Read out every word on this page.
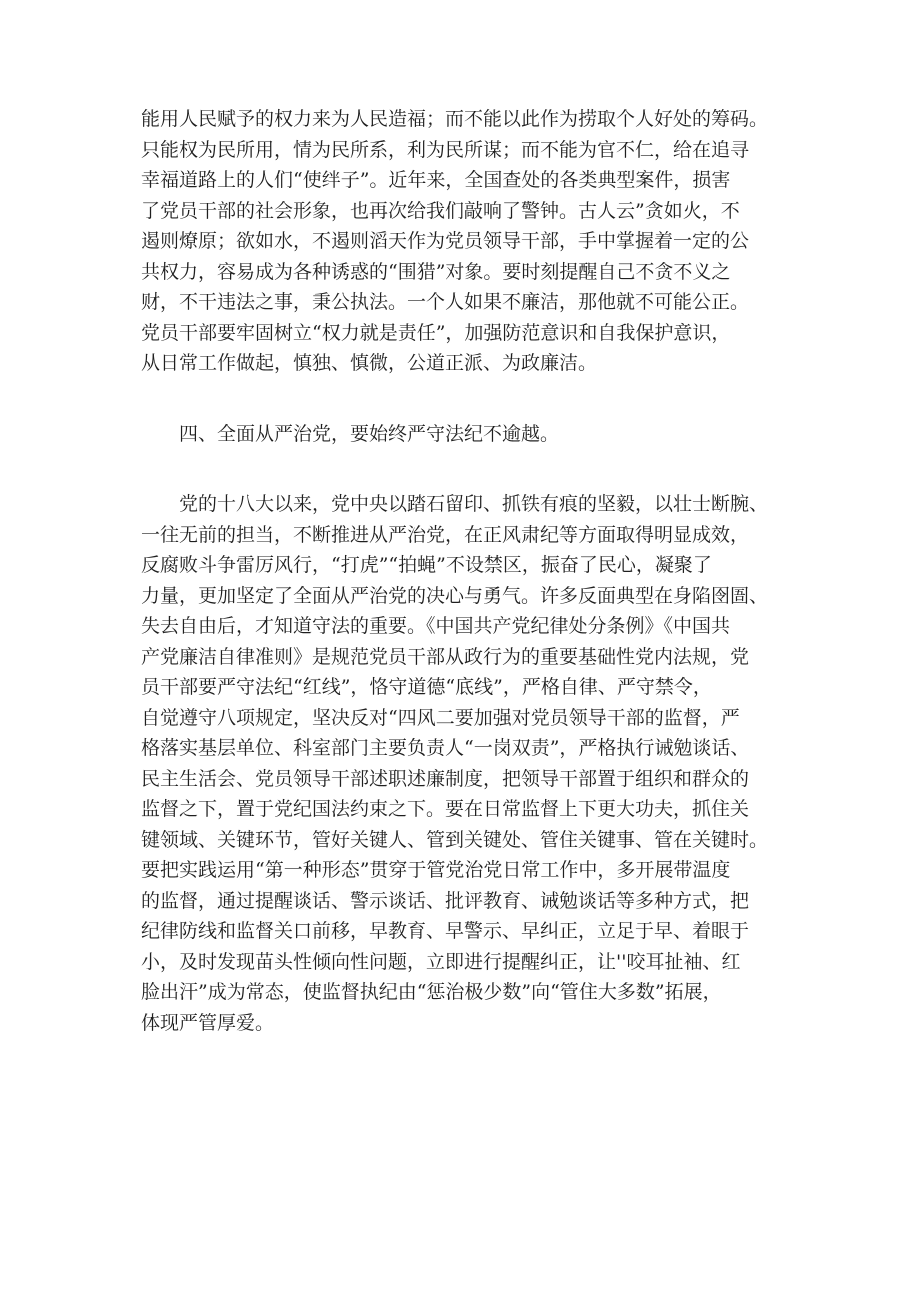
能用人民赋予的权力来为人民造福；而不能以此作为捞取个人好处的筹码。
只能权为民所用，情为民所系，利为民所谋；而不能为官不仁，给在追寻
幸福道路上的人们“使绊子”。近年来，全国查处的各类典型案件，损害
了党员干部的社会形象，也再次给我们敲响了警钟。古人云”贪如火，不
遏则燎原；欲如水，不遏则滔天作为党员领导干部，手中掌握着一定的公
共权力，容易成为各种诱惑的“围猎”对象。要时刻提醒自己不贪不义之
财，不干违法之事，秉公执法。一个人如果不廉洁，那他就不可能公正。
党员干部要牢固树立“权力就是责任”，加强防范意识和自我保护意识，
从日常工作做起，慎独、慎微，公道正派、为政廉洁。
四、全面从严治党，要始终严守法纪不逾越。
党的十八大以来，党中央以踏石留印、抓铁有痕的坚毅，以壮士断腕、
一往无前的担当，不断推进从严治党，在正风肃纪等方面取得明显成效，
反腐败斗争雷厉风行，“打虎”“拍蝇”不设禁区，振奋了民心，凝聚了
力量，更加坚定了全面从严治党的决心与勇气。许多反面典型在身陷囹圄、
失去自由后，才知道守法的重要。《中国共产党纪律处分条例》《中国共
产党廉洁自律准则》是规范党员干部从政行为的重要基础性党内法规，党
员干部要严守法纪“红线”，恪守道德“底线”，严格自律、严守禁令，
自觉遵守八项规定，坚决反对“四风二要加强对党员领导干部的监督，严
格落实基层单位、科室部门主要负责人“一岗双责”，严格执行诫勉谈话、
民主生活会、党员领导干部述职述廉制度，把领导干部置于组织和群众的
监督之下，置于党纪国法约束之下。要在日常监督上下更大功夫，抓住关
键领域、关键环节，管好关键人、管到关键处、管住关键事、管在关键时。
要把实践运用“第一种形态”贯穿于管党治党日常工作中，多开展带温度
的监督，通过提醒谈话、警示谈话、批评教育、诫勉谈话等多种方式，把
纪律防线和监督关口前移，早教育、早警示、早纠正，立足于早、着眼于
小，及时发现苗头性倾向性问题，立即进行提醒纠正，让''咬耳扯袖、红
脸出汗”成为常态，使监督执纪由“惩治极少数”向“管住大多数”拓展，
体现严管厚爱。
